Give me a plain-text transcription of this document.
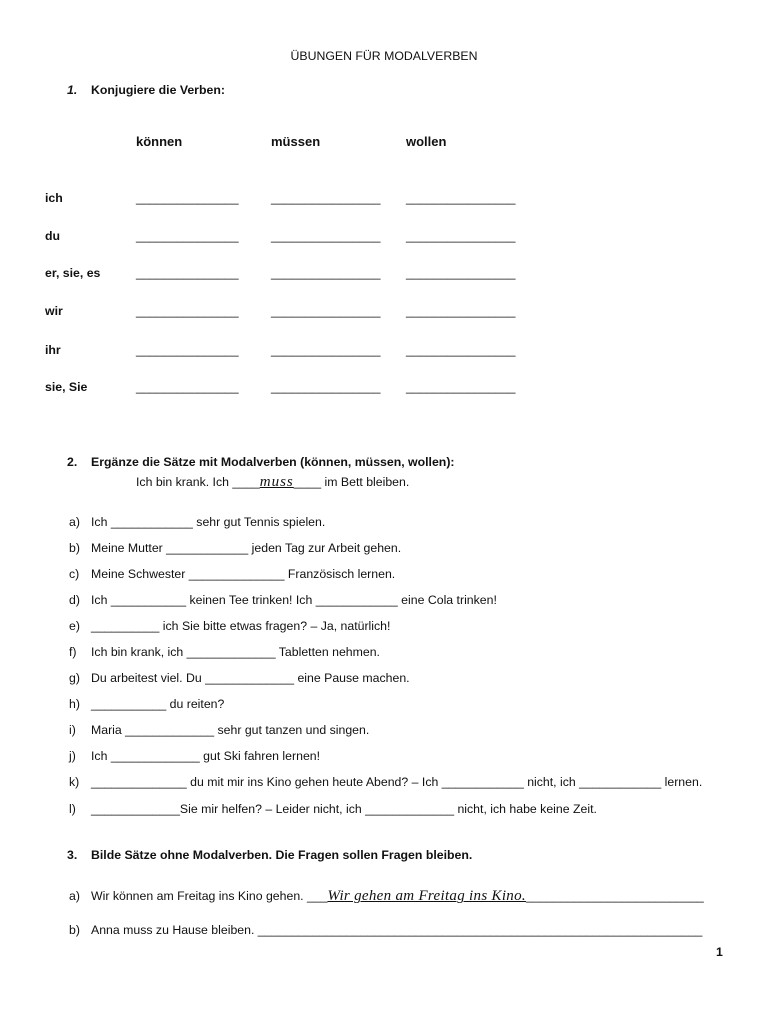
ÜBUNGEN FÜR MODALVERBEN
1. Konjugiere die Verben:
können	müssen	wollen
ich	_______________	________________ ________________
du	_______________	________________ ________________
er, sie, es	_______________	________________ ________________
wir	_______________	________________ ________________
ihr	_______________	________________ ________________
sie, Sie	_______________	________________ ________________
2. Ergänze die Sätze mit Modalverben (können, müssen, wollen):
Ich bin krank. Ich ____muss____ im Bett bleiben.
a) Ich ____________ sehr gut Tennis spielen.
b) Meine Mutter ____________ jeden Tag zur Arbeit gehen.
c) Meine Schwester ______________ Französisch lernen.
d) Ich ___________ keinen Tee trinken! Ich ____________ eine Cola trinken!
e) __________ ich Sie bitte etwas fragen? – Ja, natürlich!
f) Ich bin krank, ich _____________ Tabletten nehmen.
g) Du arbeitest viel. Du _____________ eine Pause machen.
h) ___________ du reiten?
i) Maria _____________ sehr gut tanzen und singen.
j) Ich _____________ gut Ski fahren lernen!
k) ______________ du mit mir ins Kino gehen heute Abend? – Ich ____________ nicht, ich ____________ lernen.
l) _____________Sie mir helfen? – Leider nicht, ich _____________ nicht, ich habe keine Zeit.
3. Bilde Sätze ohne Modalverben. Die Fragen sollen Fragen bleiben.
a) Wir können am Freitag ins Kino gehen. ___Wir gehen am Freitag ins Kino.__________________________
b) Anna muss zu Hause bleiben. _________________________________________________________________
1
